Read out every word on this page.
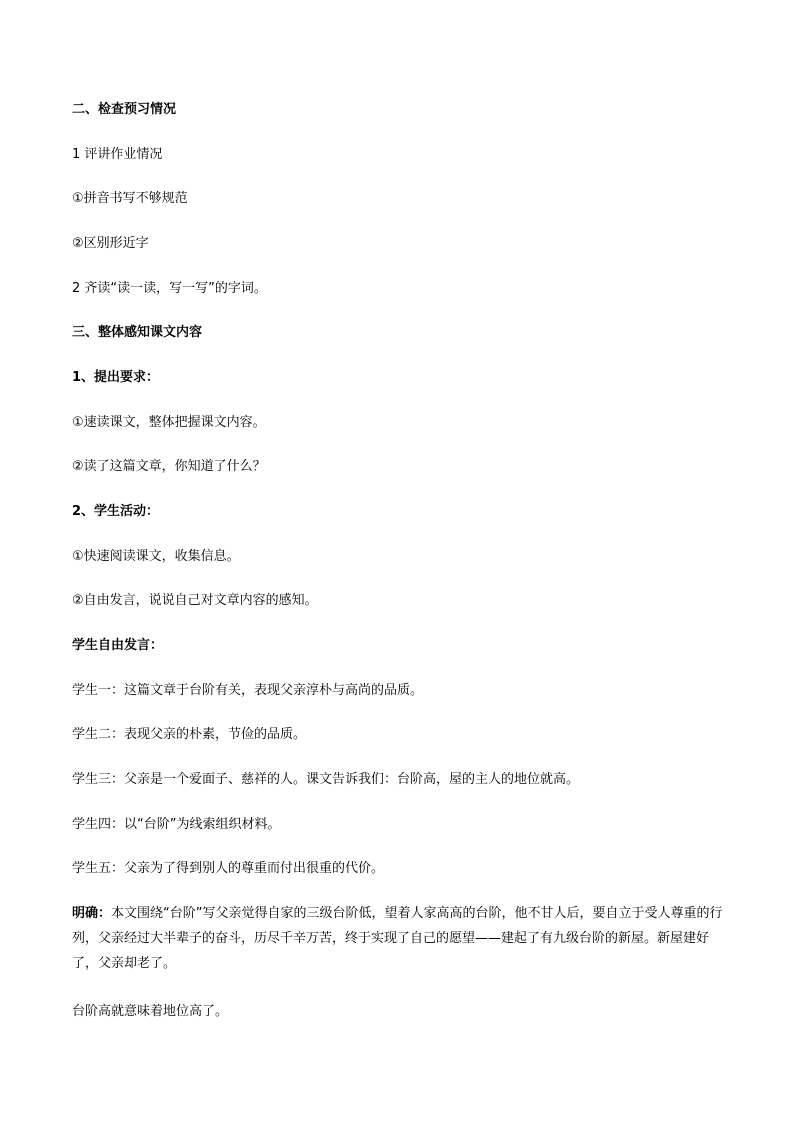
二、检查预习情况
1 评讲作业情况
①拼音书写不够规范
②区别形近字
2 齐读“读一读，写一写”的字词。
三、整体感知课文内容
1、提出要求：
①速读课文，整体把握课文内容。
②读了这篇文章，你知道了什么？
2、学生活动：
①快速阅读课文，收集信息。
②自由发言，说说自己对文章内容的感知。
学生自由发言：
学生一：这篇文章于台阶有关，表现父亲淳朴与高尚的品质。
学生二：表现父亲的朴素，节俭的品质。
学生三：父亲是一个爱面子、慈祥的人。课文告诉我们：台阶高，屋的主人的地位就高。
学生四：以“台阶”为线索组织材料。
学生五：父亲为了得到别人的尊重而付出很重的代价。
明确：本文围绕“台阶”写父亲觉得自家的三级台阶低，望着人家高高的台阶，他不甘人后，要自立于受人尊重的行列，父亲经过大半辈子的奋斗，历尽千辛万苦，终于实现了自己的愿望——建起了有九级台阶的新屋。新屋建好了，父亲却老了。
台阶高就意味着地位高了。
